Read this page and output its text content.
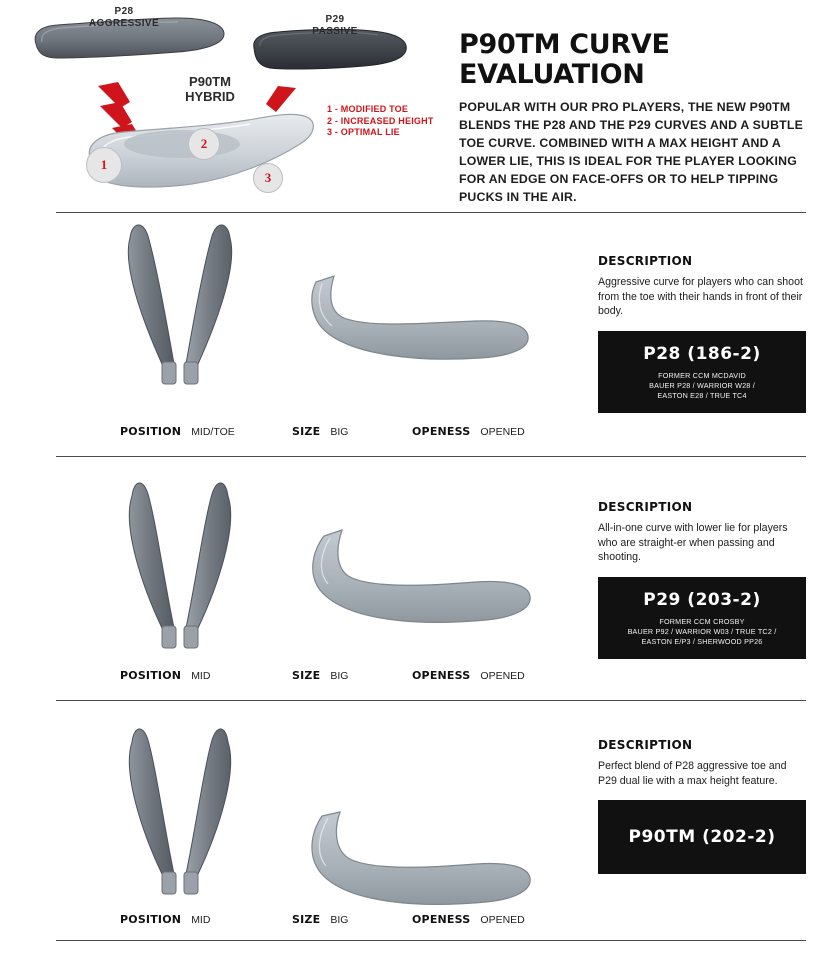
P28
AGGRESSIVE	P29
PASSIVE
P90TM
HYBRID
1
2
3
1 - MODIFIED TOE
2 - INCREASED HEIGHT
3 - OPTIMAL LIE
P90TM CURVE EVALUATION

POPULAR WITH OUR PRO PLAYERS, THE NEW P90TM BLENDS THE P28 AND THE P29 CURVES AND A SUBTLE TOE CURVE. COMBINED WITH A MAX HEIGHT AND A LOWER LIE, THIS IS IDEAL FOR THE PLAYER LOOKING FOR AN EDGE ON FACE-OFFS OR TO HELP TIPPING PUCKS IN THE AIR.

POSITION MID/TOE	SIZE BIG	OPENESS OPENED
DESCRIPTION

Aggressive curve for players who can shoot from the toe with their hands in front of their body.

P28 (186-2)
FORMER CCM MCDAVID
BAUER P28 / WARRIOR W28 /
EASTON E28 / TRUE TC4
POSITION MID	SIZE BIG	OPENESS OPENED
DESCRIPTION

All-in-one curve with lower lie for players who are straight-er when passing and shooting.

P29 (203-2)
FORMER CCM CROSBY
BAUER P92 / WARRIOR W03 / TRUE TC2 /
EASTON E/P3 / SHERWOOD PP26
POSITION MID	SIZE BIG	OPENESS OPENED
DESCRIPTION

Perfect blend of P28 aggressive toe and P29 dual lie with a max height feature.

P90TM (202-2)
